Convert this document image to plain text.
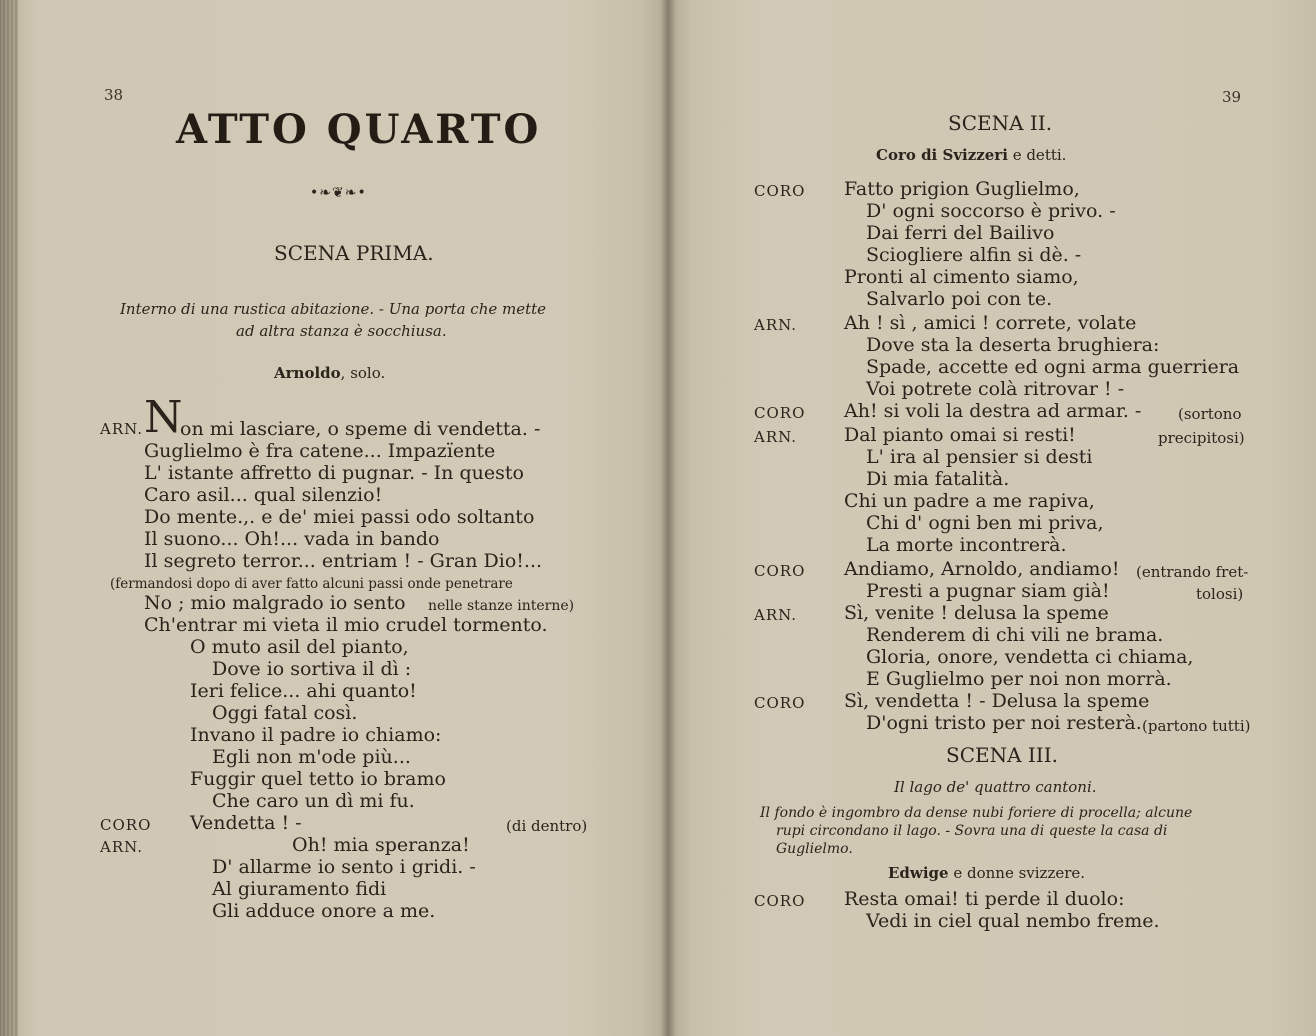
38
ATTO QUARTO
•❧❦❧•
SCENA PRIMA.
Interno di una rustica abitazione. - Una porta che mette
ad altra stanza è socchiusa.
Arnoldo, solo.
ARN. N
on mi lasciare, o speme di vendetta. -
Guglielmo è fra catene... Impazïente
L' istante affretto di pugnar. - In questo
Caro asil... qual silenzio!
Do mente.,. e de' miei passi odo soltanto
Il suono... Oh!... vada in bando
Il segreto terror... entriam ! - Gran Dio!...
(fermandosi dopo di aver fatto alcuni passi onde penetrare
No ; mio malgrado io sento nelle stanze interne)
Ch'entrar mi vieta il mio crudel tormento.
O muto asil del pianto,
Dove io sortiva il dì :
Ieri felice... ahi quanto!
Oggi fatal così.
Invano il padre io chiamo:
Egli non m'ode più...
Fuggir quel tetto io bramo
Che caro un dì mi fu.
CORO Vendetta ! -	(di dentro)
ARN.	Oh! mia speranza!
D' allarme io sento i gridi. -
Al giuramento fidi
Gli adduce onore a me.
39
SCENA II.
Coro di Svizzeri e detti.
CORO Fatto prigion Guglielmo,
D' ogni soccorso è privo. -
Dai ferri del Bailivo
Sciogliere alfin si dè. -
Pronti al cimento siamo,
Salvarlo poi con te.
ARN. Ah ! sì , amici ! correte, volate
Dove sta la deserta brughiera:
Spade, accette ed ogni arma guerriera
Voi potrete colà ritrovar ! -
CORO Ah! si voli la destra ad armar. - (sortono
ARN. Dal pianto omai si resti!	precipitosi)
L' ira al pensier si desti
Di mia fatalità.
Chi un padre a me rapiva,
Chi d' ogni ben mi priva,
La morte incontrerà.
CORO Andiamo, Arnoldo, andiamo! (entrando fret-
Presti a pugnar siam già!	tolosi)
ARN. Sì, venite ! delusa la speme
Renderem di chi vili ne brama.
Gloria, onore, vendetta ci chiama,
E Guglielmo per noi non morrà.
CORO Sì, vendetta ! - Delusa la speme
D'ogni tristo per noi resterà. (partono tutti)
SCENA III.
Il lago de' quattro cantoni.
Il fondo è ingombro da dense nubi foriere di procella; alcune
rupi circondano il lago. - Sovra una di queste la casa di
Guglielmo.
Edwige e donne svizzere.
CORO Resta omai! ti perde il duolo:
Vedi in ciel qual nembo freme.
